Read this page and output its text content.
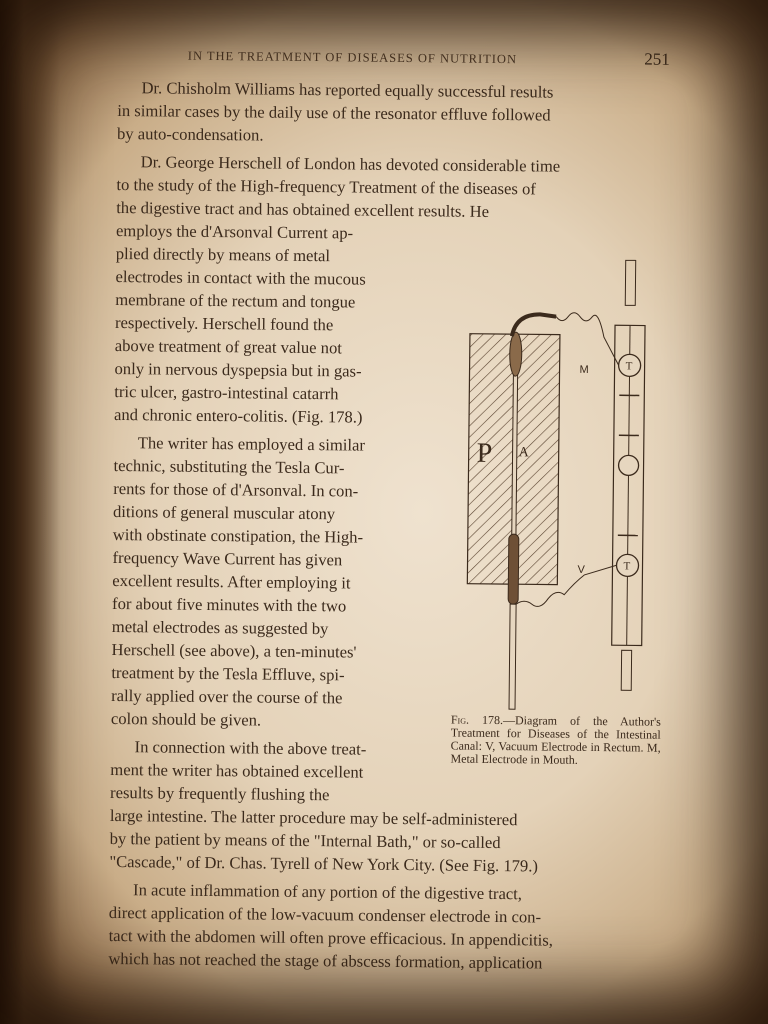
IN THE TREATMENT OF DISEASES OF NUTRITION	251
Dr. Chisholm Williams has reported equally successful results
in similar cases by the daily use of the resonator effluve followed
by auto-condensation.
Dr. George Herschell of London has devoted considerable time
to the study of the High-frequency Treatment of the diseases of
the digestive tract and has obtained excellent results. He
employs the d'Arsonval Current ap-
plied directly by means of metal
electrodes in contact with the mucous
membrane of the rectum and tongue
respectively. Herschell found the
above treatment of great value not
only in nervous dyspepsia but in gas-
tric ulcer, gastro-intestinal catarrh
and chronic entero-colitis. (Fig. 178.)
The writer has employed a similar
technic, substituting the Tesla Cur-
rents for those of d'Arsonval. In con-
ditions of general muscular atony
with obstinate constipation, the High-
frequency Wave Current has given
excellent results. After employing it
for about five minutes with the two
metal electrodes as suggested by
Herschell (see above), a ten-minutes'
treatment by the Tesla Effluve, spi-
rally applied over the course of the
colon should be given.
In connection with the above treat-
ment the writer has obtained excellent
results by frequently flushing the
large intestine. The latter procedure may be self-administered
by the patient by means of the "Internal Bath," or so-called
"Cascade," of Dr. Chas. Tyrell of New York City. (See Fig. 179.)
In acute inflammation of any portion of the digestive tract,
direct application of the low-vacuum condenser electrode in con-
tact with the abdomen will often prove efficacious. In appendicitis,
which has not reached the stage of abscess formation, application
P A
M
V
T
T
Fig. 178.—Diagram of the Author's Treatment for Diseases of the Intestinal Canal: V, Vacuum Electrode in Rectum. M, Metal Electrode in Mouth.
